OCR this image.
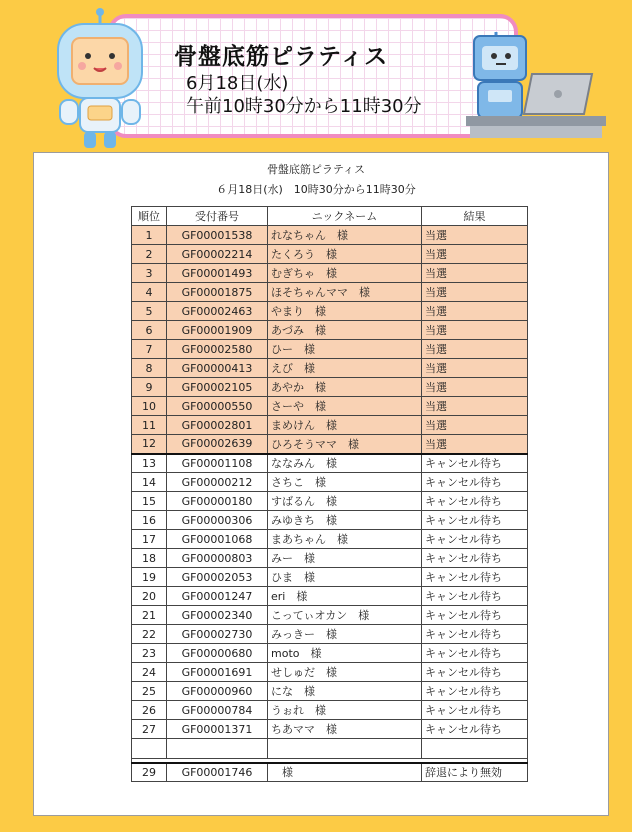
骨盤底筋ピラティス
6月18日(水)
午前10時30分から11時30分
骨盤底筋ピラティス
６月18日(水)　10時30分から11時30分
順位	受付番号	ニックネーム	結果
1	GF00001538	れなちゃん　様	当選
2	GF00002214	たくろう　様	当選
3	GF00001493	むぎちゃ　様	当選
4	GF00001875	ほそちゃんママ　様	当選
5	GF00002463	やまり　様	当選
6	GF00001909	あづみ　様	当選
7	GF00002580	ひー　様	当選
8	GF00000413	えび　様	当選
9	GF00002105	あやか　様	当選
10	GF00000550	さーや　様	当選
11	GF00002801	まめけん　様	当選
12	GF00002639	ひろそうママ　様	当選
13	GF00001108	ななみん　様	キャンセル待ち
14	GF00000212	さちこ　様	キャンセル待ち
15	GF00000180	すばるん　様	キャンセル待ち
16	GF00000306	みゆきち　様	キャンセル待ち
17	GF00001068	まあちゃん　様	キャンセル待ち
18	GF00000803	みー　様	キャンセル待ち
19	GF00002053	ひま　様	キャンセル待ち
20	GF00001247	eri　様	キャンセル待ち
21	GF00002340	こってぃオカン　様	キャンセル待ち
22	GF00002730	みっきー　様	キャンセル待ち
23	GF00000680	moto　様	キャンセル待ち
24	GF00001691	せしゅだ　様	キャンセル待ち
25	GF00000960	にな　様	キャンセル待ち
26	GF00000784	うぉれ　様	キャンセル待ち
27	GF00001371	ちあママ　様	キャンセル待ち

29	GF00001746	　様	辞退により無効
